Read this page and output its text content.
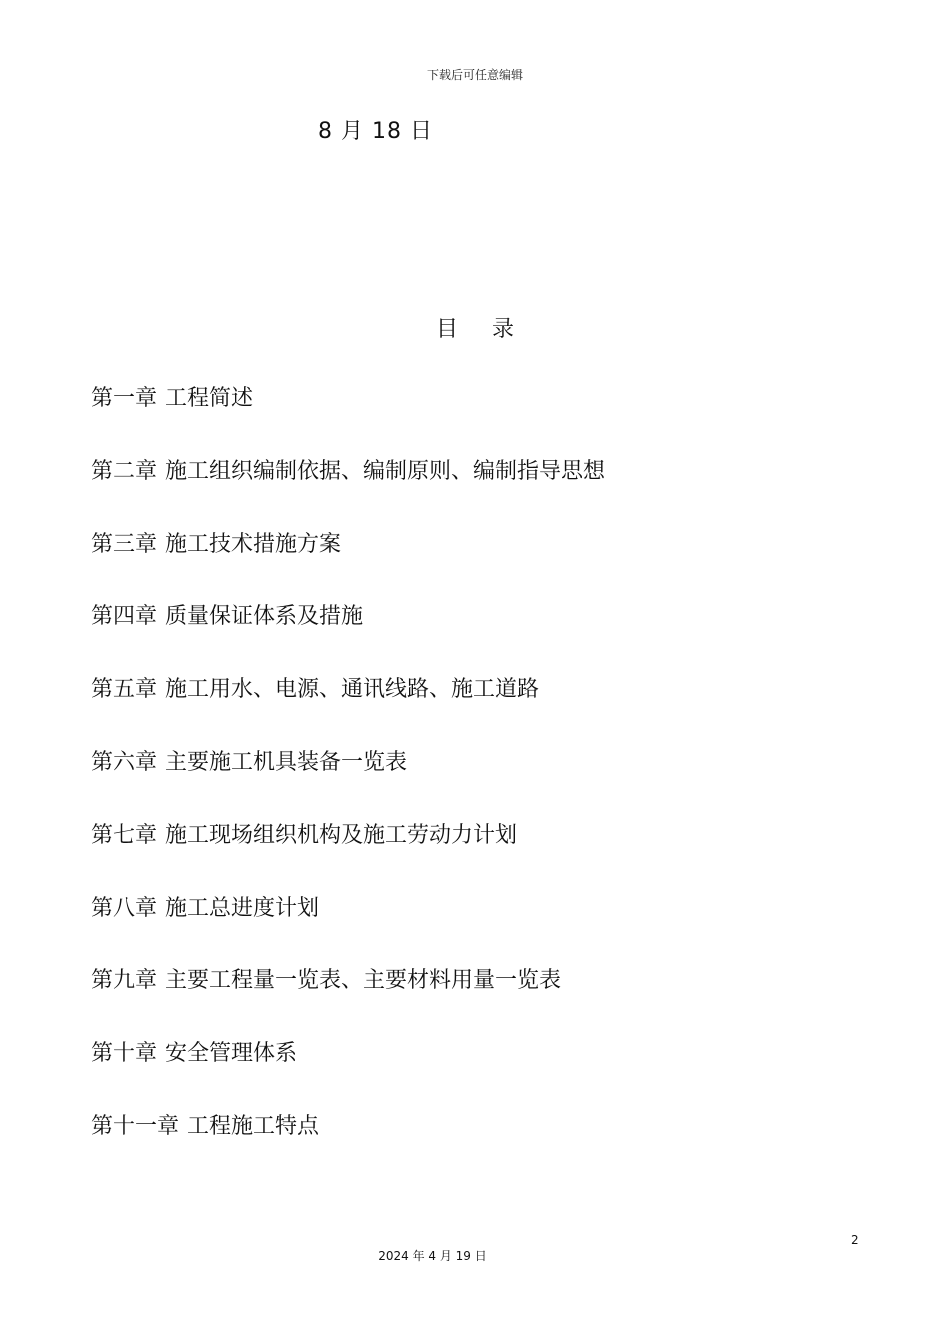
下载后可任意编辑
8 月 18 日
目 录
第一章 工程简述
第二章 施工组织编制依据、编制原则、编制指导思想
第三章 施工技术措施方案
第四章 质量保证体系及措施
第五章 施工用水、电源、通讯线路、施工道路
第六章 主要施工机具装备一览表
第七章 施工现场组织机构及施工劳动力计划
第八章 施工总进度计划
第九章 主要工程量一览表、主要材料用量一览表
第十章 安全管理体系
第十一章 工程施工特点
2
2024 年 4 月 19 日
